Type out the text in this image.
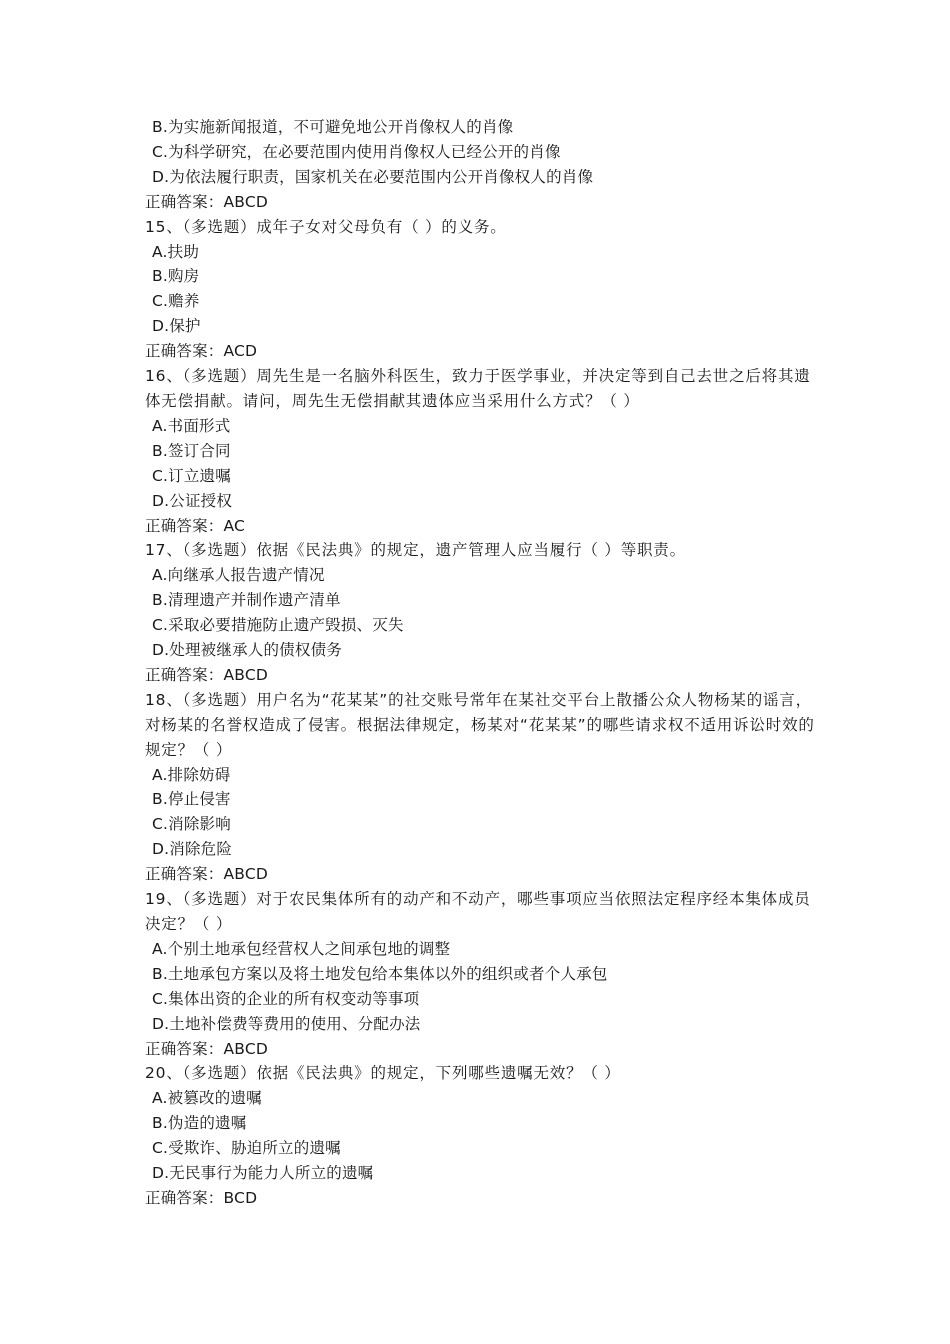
B.为实施新闻报道，不可避免地公开肖像权人的肖像
C.为科学研究，在必要范围内使用肖像权人已经公开的肖像
D.为依法履行职责，国家机关在必要范围内公开肖像权人的肖像
正确答案：ABCD
15、（多选题）成年子女对父母负有（ ）的义务。
A.扶助
B.购房
C.赡养
D.保护
正确答案：ACD
16、（多选题）周先生是一名脑外科医生，致力于医学事业，并决定等到自己去世之后将其遗体无偿捐献。请问，周先生无偿捐献其遗体应当采用什么方式？（ ）
A.书面形式
B.签订合同
C.订立遗嘱
D.公证授权
正确答案：AC
17、（多选题）依据《民法典》的规定，遗产管理人应当履行（ ）等职责。
A.向继承人报告遗产情况
B.清理遗产并制作遗产清单
C.采取必要措施防止遗产毁损、灭失
D.处理被继承人的债权债务
正确答案：ABCD
18、（多选题）用户名为“花某某”的社交账号常年在某社交平台上散播公众人物杨某的谣言，对杨某的名誉权造成了侵害。根据法律规定，杨某对“花某某”的哪些请求权不适用诉讼时效的规定？（ ）
A.排除妨碍
B.停止侵害
C.消除影响
D.消除危险
正确答案：ABCD
19、（多选题）对于农民集体所有的动产和不动产，哪些事项应当依照法定程序经本集体成员决定？（ ）
A.个别土地承包经营权人之间承包地的调整
B.土地承包方案以及将土地发包给本集体以外的组织或者个人承包
C.集体出资的企业的所有权变动等事项
D.土地补偿费等费用的使用、分配办法
正确答案：ABCD
20、（多选题）依据《民法典》的规定，下列哪些遗嘱无效？（ ）
A.被篡改的遗嘱
B.伪造的遗嘱
C.受欺诈、胁迫所立的遗嘱
D.无民事行为能力人所立的遗嘱
正确答案：BCD
